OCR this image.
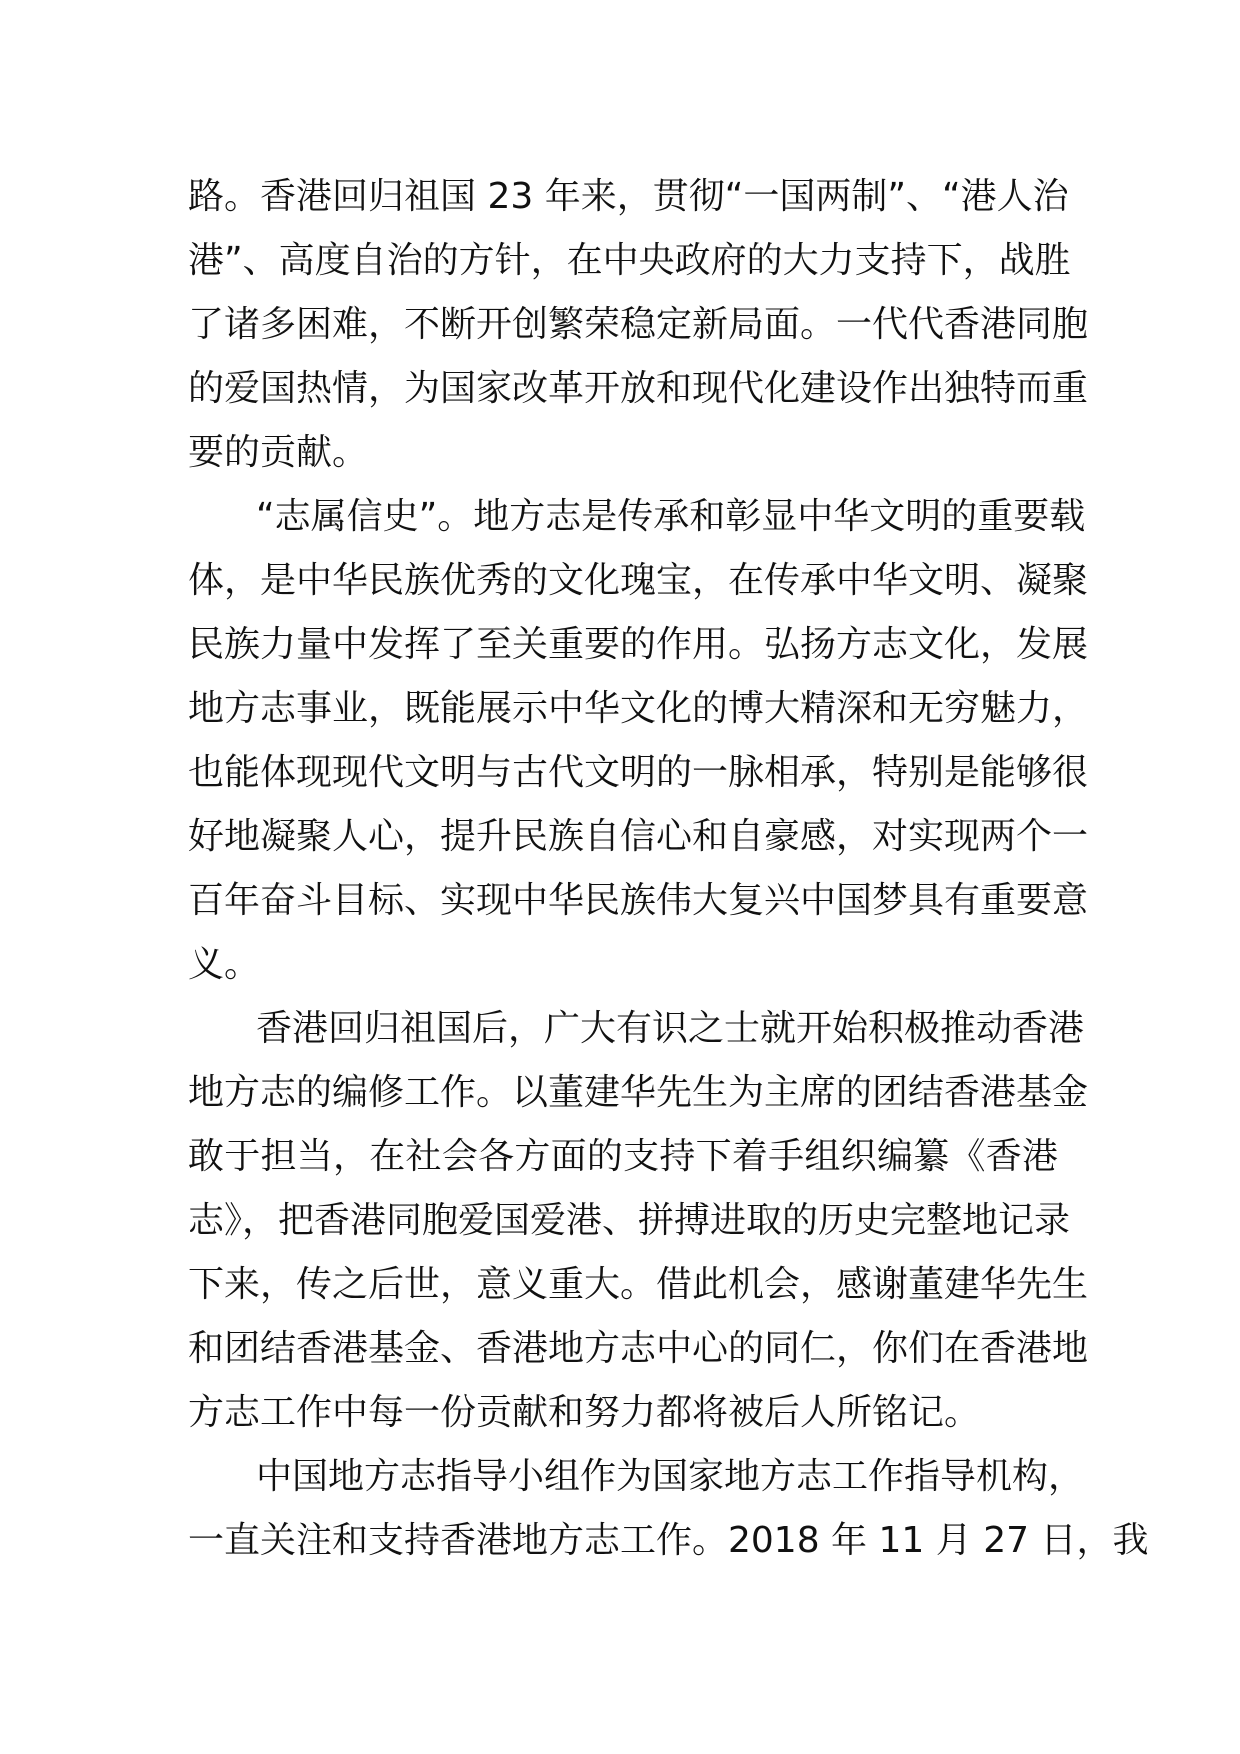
路。香港回归祖国 23 年来，贯彻“一国两制”、“港人治

港”、高度自治的方针，在中央政府的大力支持下，战胜

了诸多困难，不断开创繁荣稳定新局面。一代代香港同胞

的爱国热情，为国家改革开放和现代化建设作出独特而重

要的贡献。

“志属信史”。地方志是传承和彰显中华文明的重要载

体，是中华民族优秀的文化瑰宝，在传承中华文明、凝聚

民族力量中发挥了至关重要的作用。弘扬方志文化，发展

地方志事业，既能展示中华文化的博大精深和无穷魅力，

也能体现现代文明与古代文明的一脉相承，特别是能够很

好地凝聚人心，提升民族自信心和自豪感，对实现两个一

百年奋斗目标、实现中华民族伟大复兴中国梦具有重要意

义。

香港回归祖国后，广大有识之士就开始积极推动香港

地方志的编修工作。以董建华先生为主席的团结香港基金

敢于担当，在社会各方面的支持下着手组织编纂《香港

志》，把香港同胞爱国爱港、拼搏进取的历史完整地记录

下来，传之后世，意义重大。借此机会，感谢董建华先生

和团结香港基金、香港地方志中心的同仁，你们在香港地

方志工作中每一份贡献和努力都将被后人所铭记。

中国地方志指导小组作为国家地方志工作指导机构，

一直关注和支持香港地方志工作。2018 年 11 月 27 日，我
